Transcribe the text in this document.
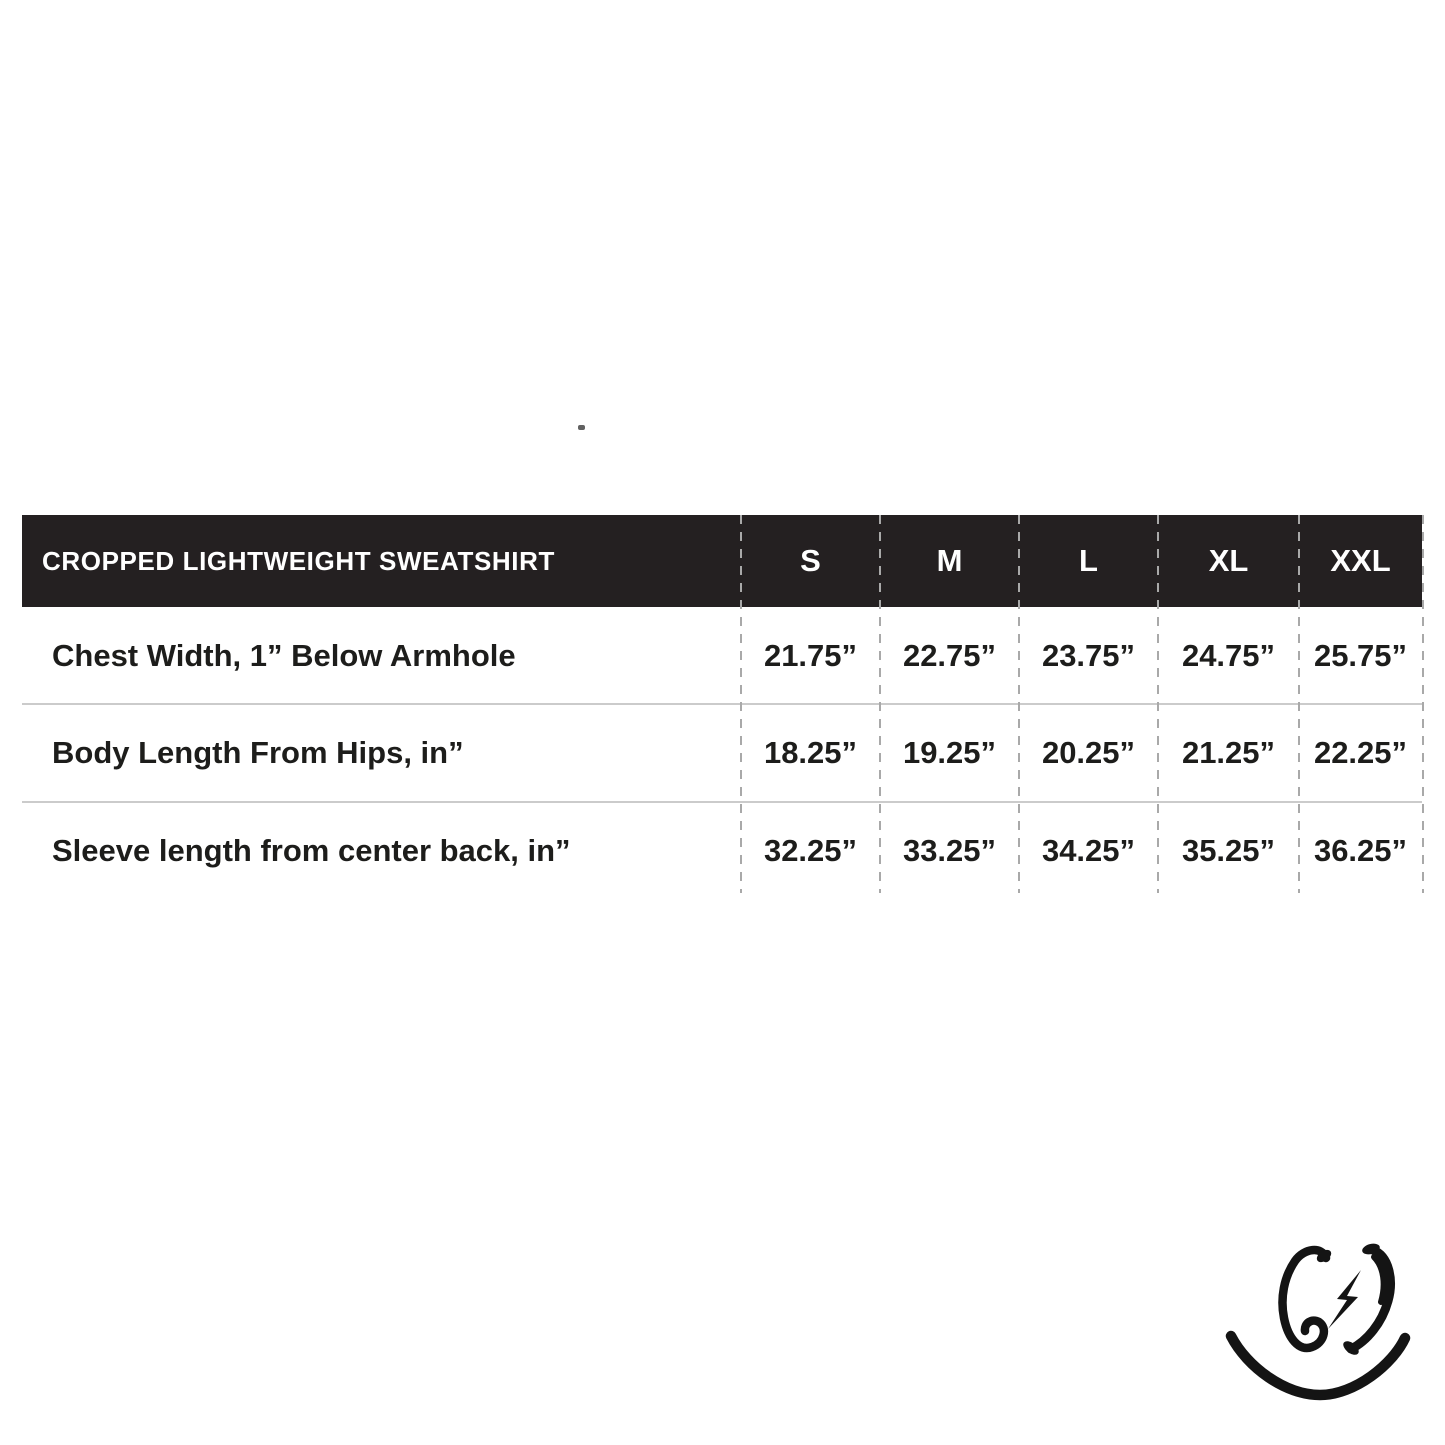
CROPPED LIGHTWEIGHT SWEATSHIRT	S	M	L	XL	XXL
Chest Width, 1” Below Armhole	21.75”	22.75”	23.75”	24.75”	25.75”
Body Length From Hips, in”	18.25”	19.25”	20.25”	21.25”	22.25”
Sleeve length from center back, in”	32.25”	33.25”	34.25”	35.25”	36.25”
